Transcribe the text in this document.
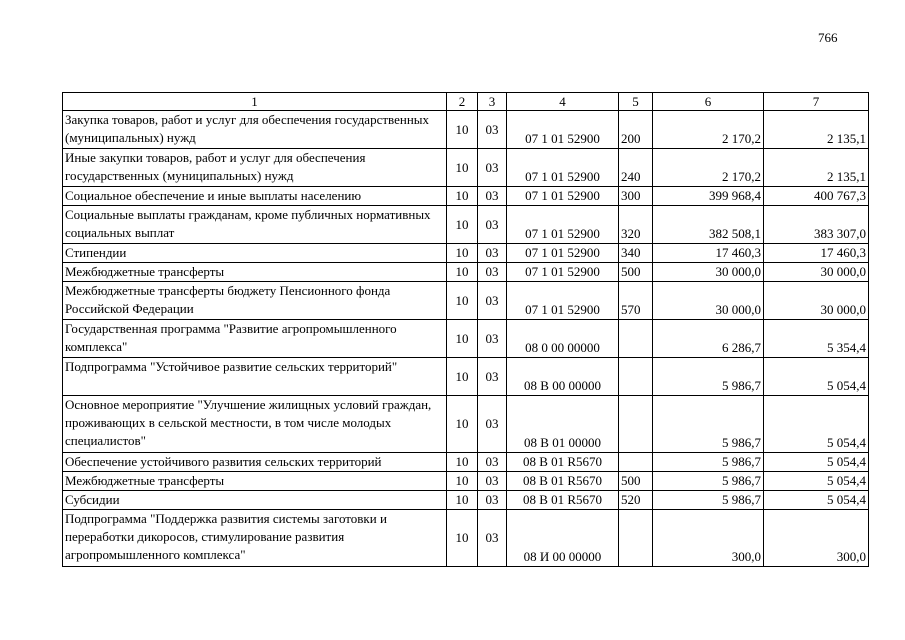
766
1	2	3	4	5	6	7
Закупка товаров, работ и услуг для обеспечения государственных (муниципальных) нужд	10	03	07 1 01 52900	200	2 170,2	2 135,1
Иные закупки товаров, работ и услуг для обеспечения государственных (муниципальных) нужд	10	03	07 1 01 52900	240	2 170,2	2 135,1
Социальное обеспечение и иные выплаты населению	10	03	07 1 01 52900	300	399 968,4	400 767,3
Социальные выплаты гражданам, кроме публичных нормативных социальных выплат	10	03	07 1 01 52900	320	382 508,1	383 307,0
Стипендии	10	03	07 1 01 52900	340	17 460,3	17 460,3
Межбюджетные трансферты	10	03	07 1 01 52900	500	30 000,0	30 000,0
Межбюджетные трансферты бюджету Пенсионного фонда Российской Федерации	10	03	07 1 01 52900	570	30 000,0	30 000,0
Государственная программа "Развитие агропромышленного комплекса"	10	03	08 0 00 00000		6 286,7	5 354,4
Подпрограмма "Устойчивое развитие сельских территорий"	10	03	08 В 00 00000		5 986,7	5 054,4
Основное мероприятие "Улучшение жилищных условий граждан, проживающих в сельской местности, в том числе молодых специалистов"	10	03	08 В 01 00000		5 986,7	5 054,4
Обеспечение устойчивого развития сельских территорий	10	03	08 В 01 R5670		5 986,7	5 054,4
Межбюджетные трансферты	10	03	08 В 01 R5670	500	5 986,7	5 054,4
Субсидии	10	03	08 В 01 R5670	520	5 986,7	5 054,4
Подпрограмма "Поддержка развития системы заготовки и переработки дикоросов, стимулирование развития агропромышленного комплекса"	10	03	08 И 00 00000		300,0	300,0
